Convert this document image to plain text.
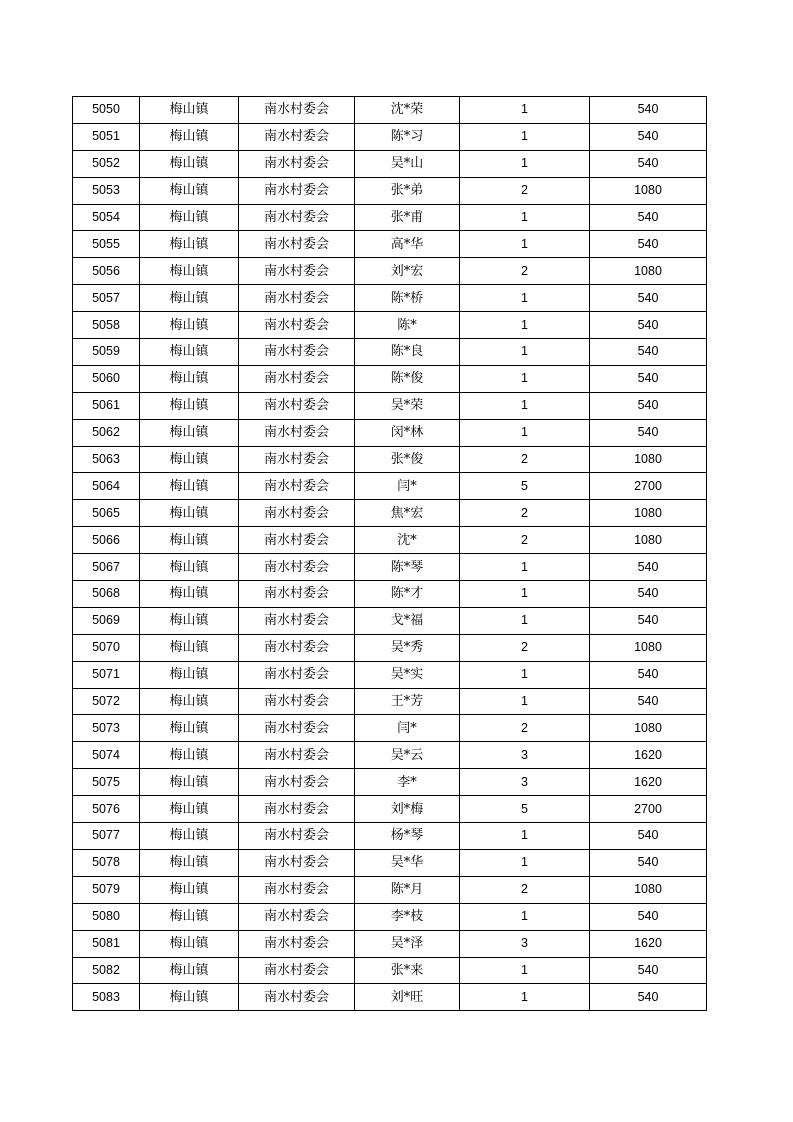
5050	梅山镇	南水村委会	沈*荣	1	540
5051	梅山镇	南水村委会	陈*习	1	540
5052	梅山镇	南水村委会	吴*山	1	540
5053	梅山镇	南水村委会	张*弟	2	1080
5054	梅山镇	南水村委会	张*甫	1	540
5055	梅山镇	南水村委会	高*华	1	540
5056	梅山镇	南水村委会	刘*宏	2	1080
5057	梅山镇	南水村委会	陈*桥	1	540
5058	梅山镇	南水村委会	陈*	1	540
5059	梅山镇	南水村委会	陈*良	1	540
5060	梅山镇	南水村委会	陈*俊	1	540
5061	梅山镇	南水村委会	吴*荣	1	540
5062	梅山镇	南水村委会	闵*林	1	540
5063	梅山镇	南水村委会	张*俊	2	1080
5064	梅山镇	南水村委会	闫*	5	2700
5065	梅山镇	南水村委会	焦*宏	2	1080
5066	梅山镇	南水村委会	沈*	2	1080
5067	梅山镇	南水村委会	陈*琴	1	540
5068	梅山镇	南水村委会	陈*才	1	540
5069	梅山镇	南水村委会	戈*福	1	540
5070	梅山镇	南水村委会	吴*秀	2	1080
5071	梅山镇	南水村委会	吴*实	1	540
5072	梅山镇	南水村委会	王*芳	1	540
5073	梅山镇	南水村委会	闫*	2	1080
5074	梅山镇	南水村委会	吴*云	3	1620
5075	梅山镇	南水村委会	李*	3	1620
5076	梅山镇	南水村委会	刘*梅	5	2700
5077	梅山镇	南水村委会	杨*琴	1	540
5078	梅山镇	南水村委会	吴*华	1	540
5079	梅山镇	南水村委会	陈*月	2	1080
5080	梅山镇	南水村委会	李*枝	1	540
5081	梅山镇	南水村委会	吴*泽	3	1620
5082	梅山镇	南水村委会	张*来	1	540
5083	梅山镇	南水村委会	刘*旺	1	540
